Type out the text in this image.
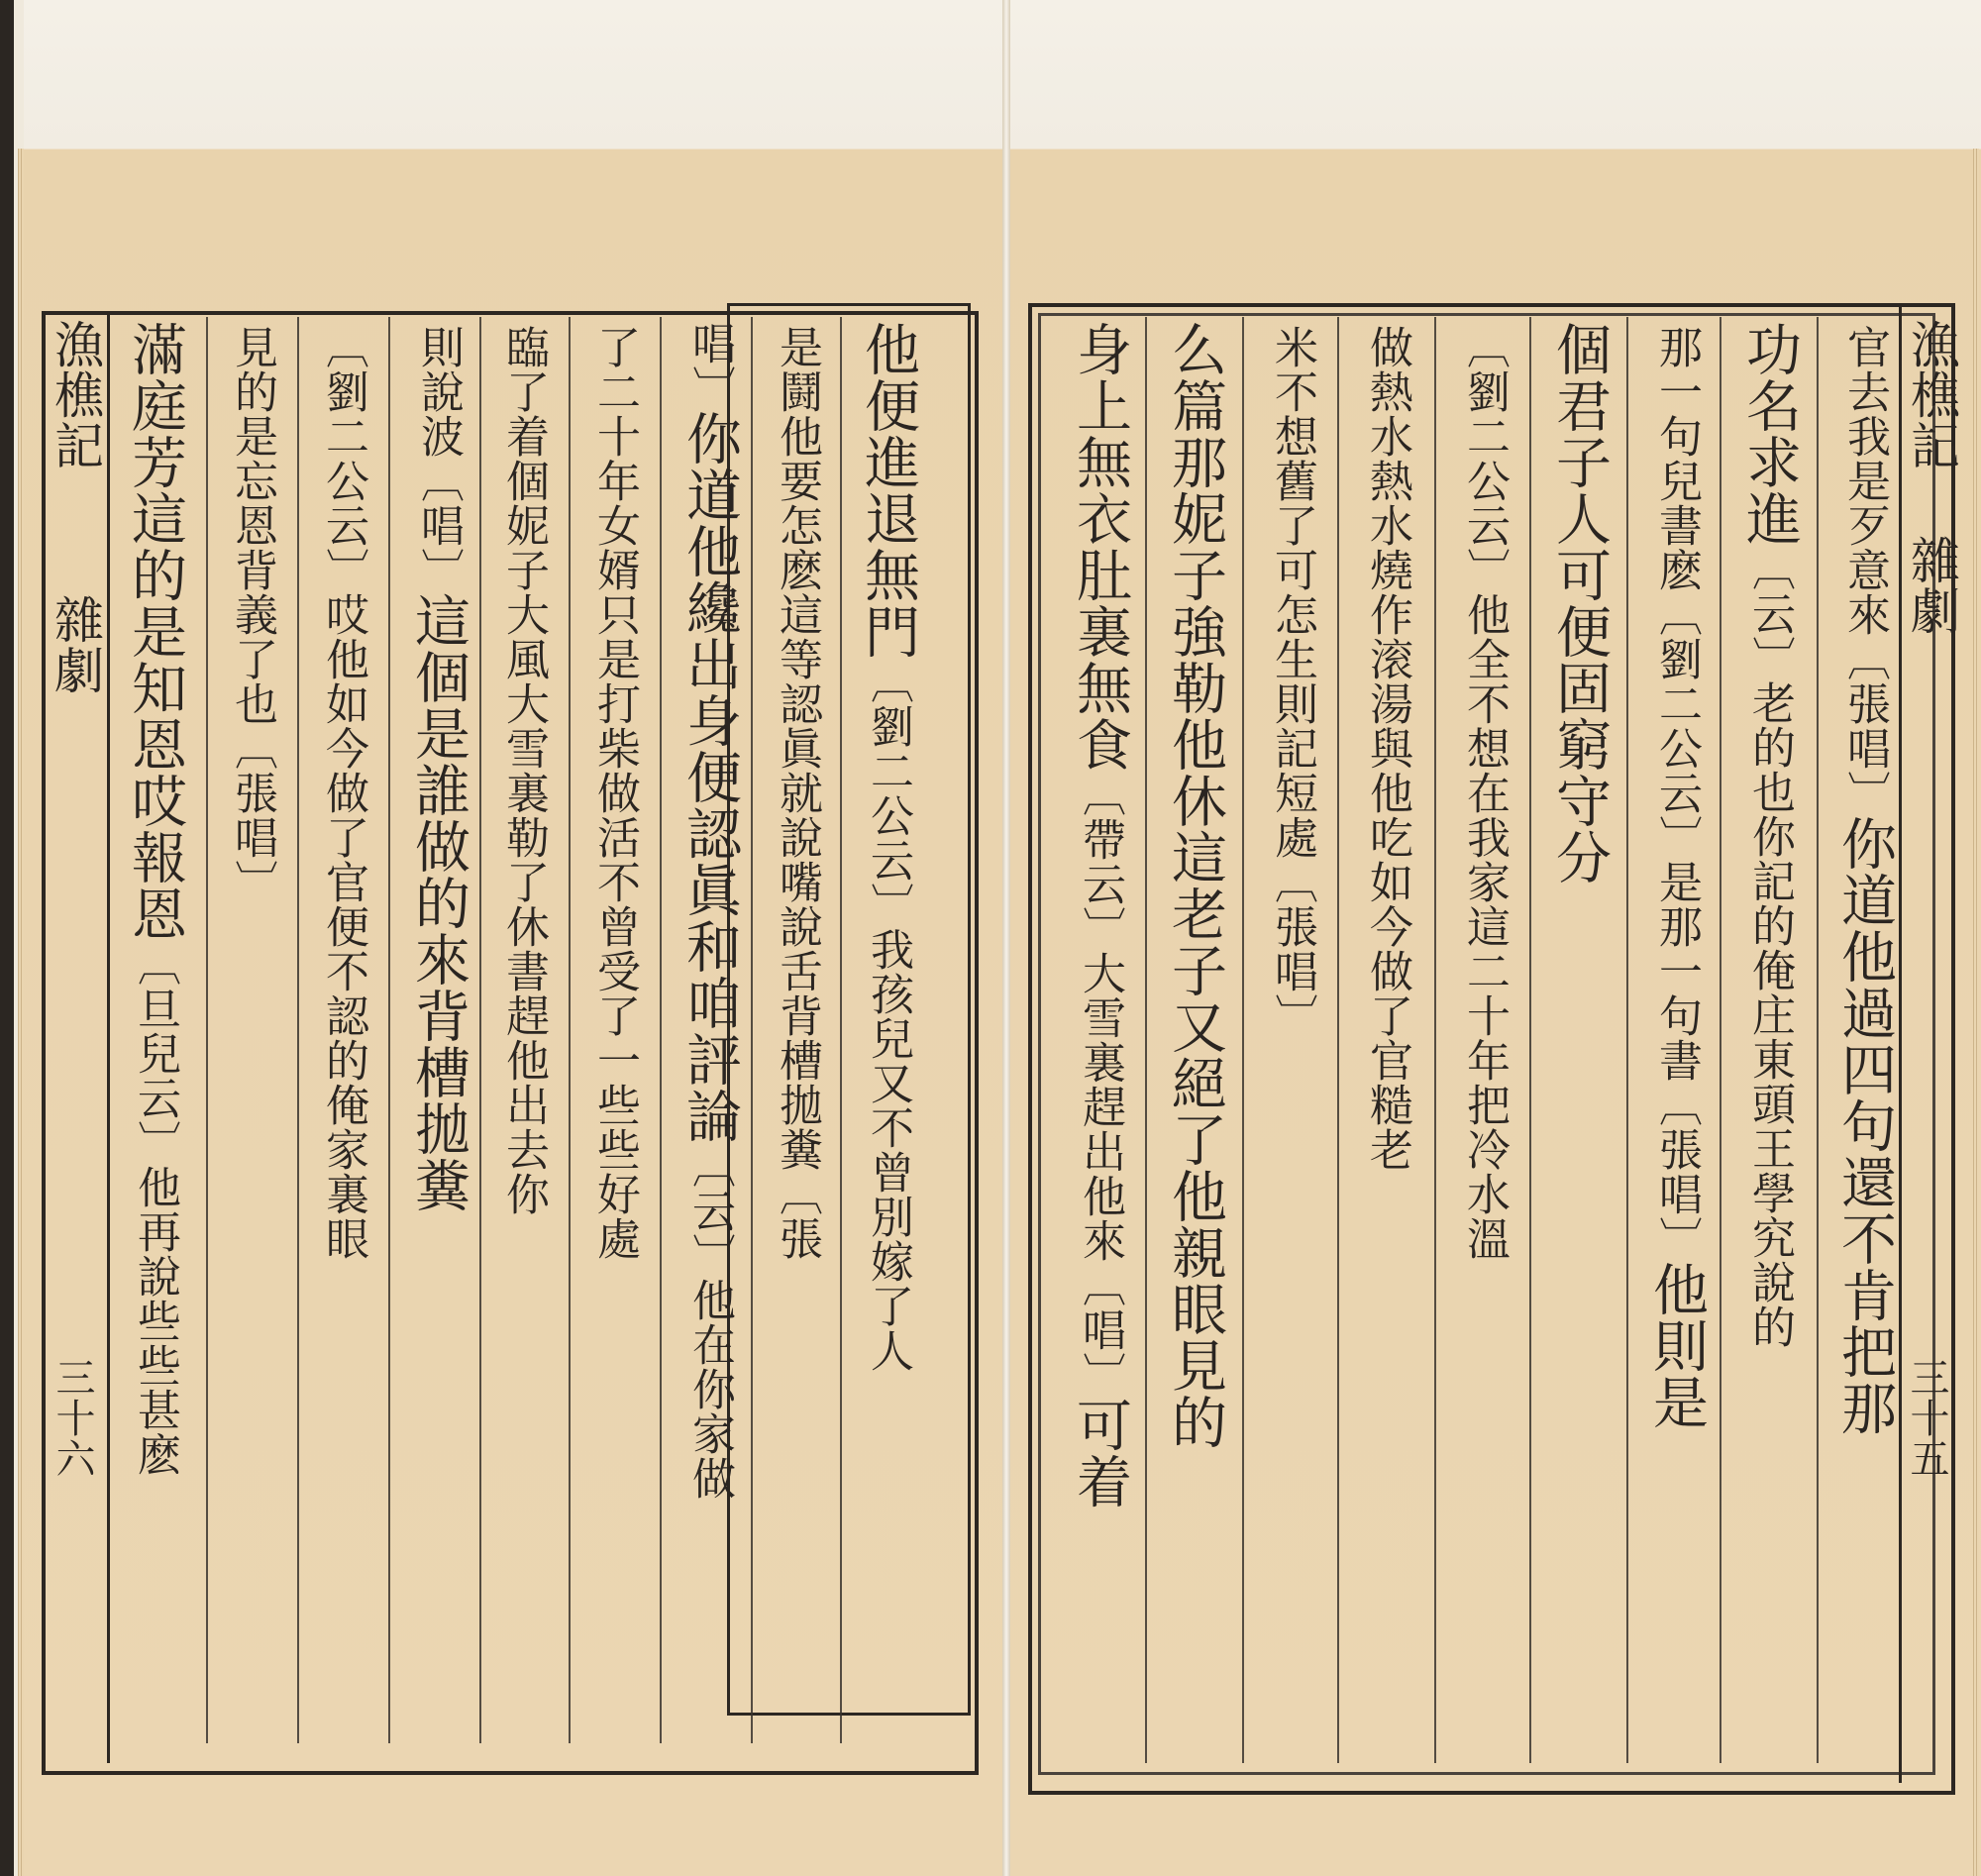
漁樵記
雜劇
三十五
官去我是歹意來〔張唱〕你道他過四句還不肯把那
功名求進〔云〕老的也你記的俺庄東頭王學究說的
那一句兒書麽〔劉二公云〕是那一句書〔張唱〕他則是
個君子人可便固窮守分
〔劉二公云〕他全不想在我家這二十年把冷水溫
做熱水熱水燒作滚湯與他吃如今做了官糙老
米不想舊了可怎生則記短處〔張唱〕
么篇那妮子強勒他休這老子又絕了他親眼見的
身上無衣肚裏無食〔帶云〕大雪裏趕出他來〔唱〕可着
漁樵記
雜劇
三十六
他便進退無門〔劉二公云〕我孩兒又不曾別嫁了人
是鬪他要怎麽這等認眞就說嘴說舌背槽拋糞〔張
唱〕你道他纔出身便認眞和咱評論〔云〕他在你家做
了二十年女婿只是打柴做活不曾受了一些些好處
臨了着個妮子大風大雪裏勒了休書趕他出去你
則說波〔唱〕這個是誰做的來背槽拋糞
〔劉二公云〕哎他如今做了官便不認的俺家裏眼
見的是忘恩背義了也〔張唱〕
滿庭芳這的是知恩哎報恩〔旦兒云〕他再說些些甚麽
